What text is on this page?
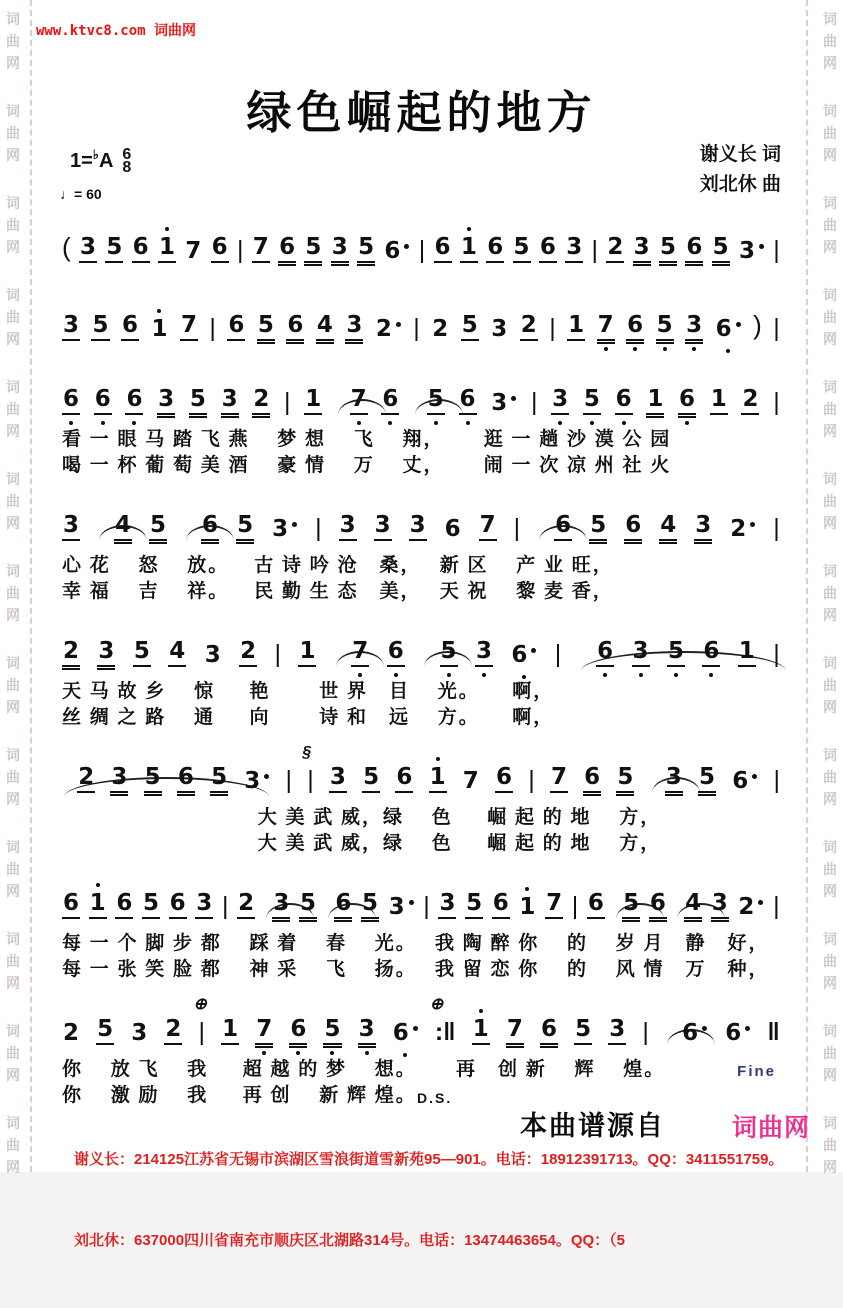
词
曲
网
词
曲
网
词
曲
网
词
曲
网
词
曲
网
词
曲
网
词
曲
网
词
曲
网
词
曲
网
词
曲
网
词
曲
网
词
曲
网
词
曲
网
词
曲
网
词
曲
网
词
曲
网
词
曲
网
词
曲
网
词
曲
网
词
曲
网
词
曲
网
词
曲
网
词
曲
网
词
曲
网
词
曲
网
词
曲
网
www.ktvc8.com 词曲网
绿色崛起的地方
谢义长 词
刘北休 曲
1= ♭ A 6
8
♩= 60
( 3 5 6 1 7 6 | 7 6 5 3 5 6 | 6 1 6 5 6 3 | 2 3 5 6 5 3 |
3 5 6 1 7 | 6 5 6 4 3 2 | 2 5 3 2 | 1 7 6 5 3 6 ) |
6 6 6 3 5 3 2 | 1 7 6 5 6 3 | 3 5 6 1 6 1 2 |
看 一 眼 马 踏 飞 燕　 梦 想　 飞　 翔，　　 逛 一 趟 沙 漠 公 园
喝 一 杯 葡 萄 美 酒　 豪 情　 万　 丈，　　 闹 一 次 凉 州 社 火
3 4 5 6 5 3	| 3 3 3 6 7 | 6 5 6 4 3 2	|
心 花　 怒　 放。　  古 诗 吟 沧　桑，　 新 区　 产 业 旺，
幸 福　 吉　 祥。　  民 勤 生 态　美，　 天 祝　 黎 麦 香，
2 3 5 4 3 2 | 1 7 6 5 3 6	| 6 3 5 6 1 |
天 马 故 乡　 惊　  艳　　 世 界　目　 光。　　啊，
丝 绸 之 路　 通　  向　　 诗 和　远　 方。　　啊，
2 3 5 6 5 3	| |
§
3 5 6 1 7 6 | 7 6 5 3 5 6	|
　　　　　　　　　 大 美 武 威，绿　 色　  崛 起 的 地　 方，
　　　　　　　　　 大 美 武 威，绿　 色　  崛 起 的 地　 方，
6 1 6 5 6 3 | 2 3 5 6 5 3 | 3 5 6 1 7 | 6 5 6 4 3 2 |
每 一 个 脚 步 都　 踩 着　 春　 光。　 我 陶 醉 你　 的　 岁 月　静　好，
每 一 张 笑 脸 都　 神 采　 飞　 扬。　 我 留 恋 你　 的　 风 情　万　种，
2 5 3 2 |
⊕
1 7 6 5 3 6	:‖
⊕
1 7 6 5 3 | 6	6	‖
你　 放 飞　 我　  超 越 的 梦　 想。　　 再　创 新　 辉　 煌。	Fine
你　 激 励　 我　  再 创　 新 辉 煌。 D.S.

谢义长：214125江苏省无锡市滨湖区雪浪街道雪新苑95—901。电话：18912391713。QQ：3411551759。

刘北休：637000四川省南充市顺庆区北湖路314号。电话：13474463654。QQ：（5

本曲谱源自	词曲网
